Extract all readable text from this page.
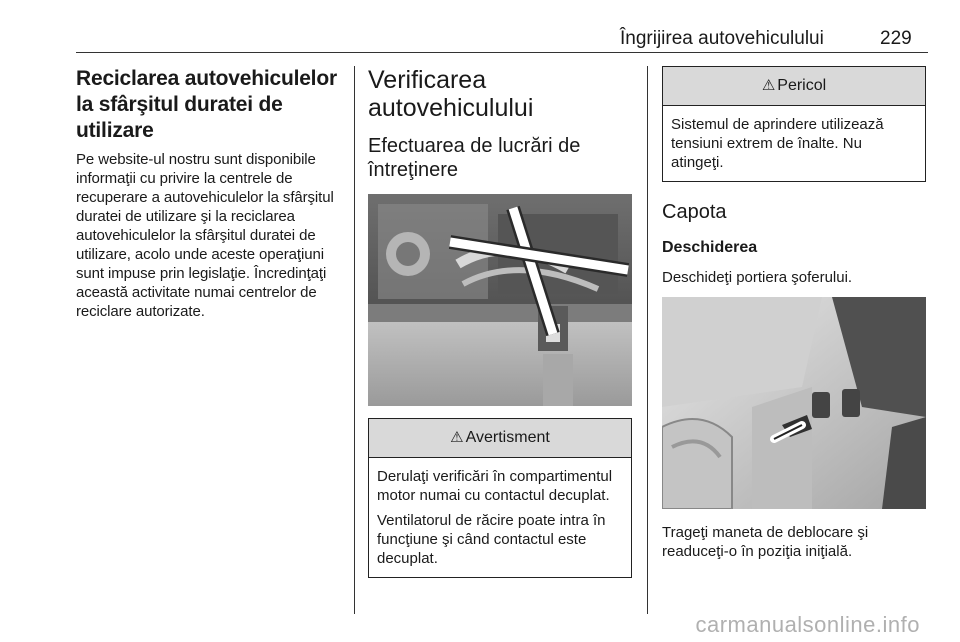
Îngrijirea autovehiculului	229
Reciclarea autovehiculelor la sfârşitul duratei de utilizare

Pe website-ul nostru sunt disponibile informaţii cu privire la centrele de recuperare a autovehiculelor la sfârşitul duratei de utilizare şi la reciclarea autovehiculelor la sfârşitul duratei de utilizare, acolo unde aceste operaţiuni sunt impuse prin legislaţie. Încredinţaţi această activitate numai centrelor de reciclare autorizate.

Verificarea autovehiculului
Efectuarea de lucrări de întreţinere
⚠ Avertisment

Derulaţi verificări în compartimentul motor numai cu contactul decuplat.

Ventilatorul de răcire poate intra în funcţiune şi când contactul este decuplat.

⚠ Pericol

Sistemul de aprindere utilizează tensiuni extrem de înalte. Nu atingeţi.

Capota
Deschiderea

Deschideţi portiera şoferului.

Trageţi maneta de deblocare şi readuceţi-o în poziţia iniţială.

carmanualsonline.info
